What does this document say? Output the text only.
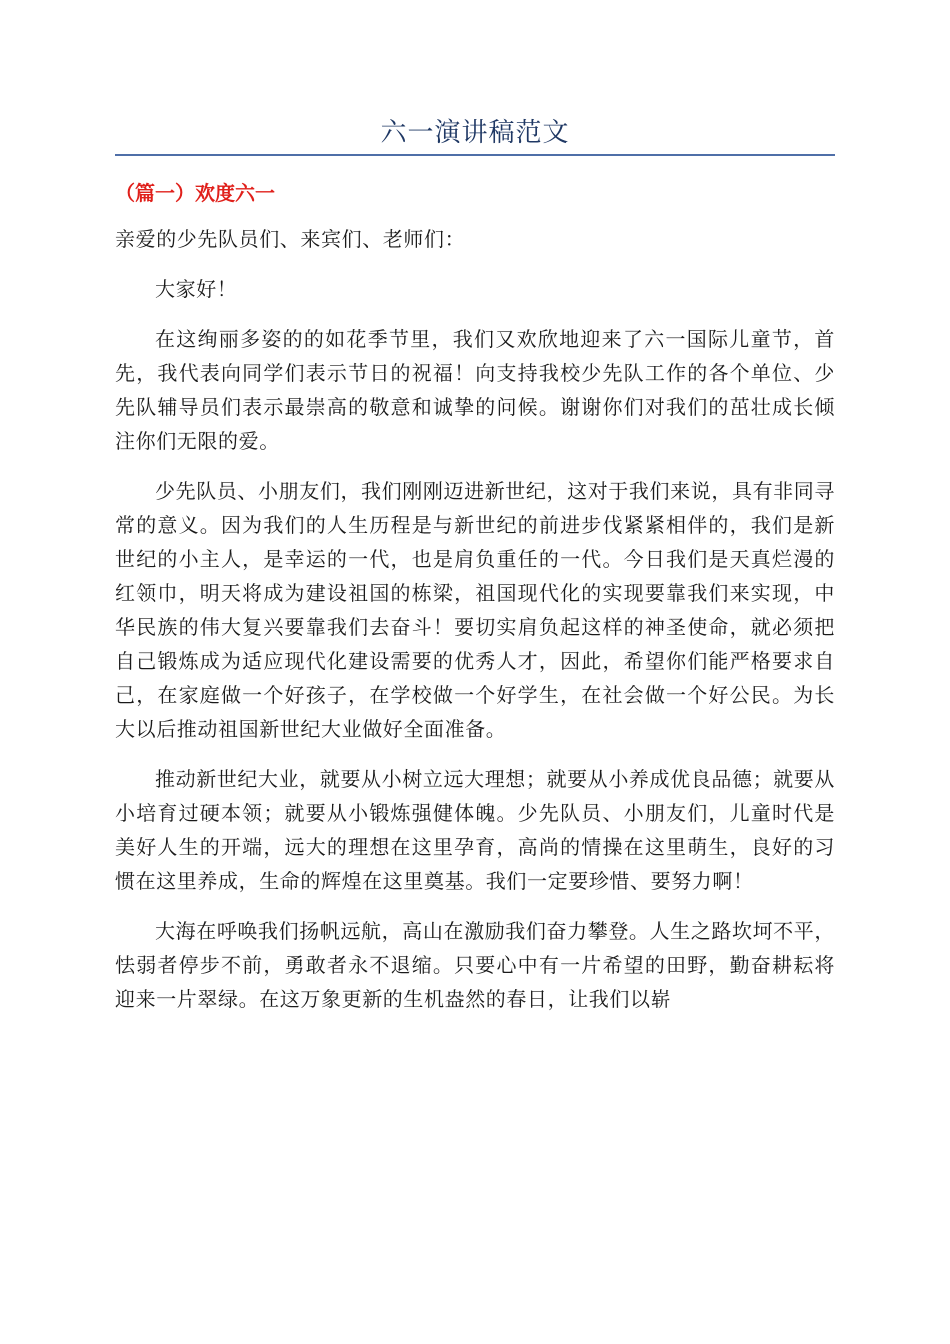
六一演讲稿范文
（篇一）欢度六一

亲爱的少先队员们、来宾们、老师们：

大家好！

在这绚丽多姿的的如花季节里，我们又欢欣地迎来了六一国际儿童节，首先，我代表向同学们表示节日的祝福！向支持我校少先队工作的各个单位、少先队辅导员们表示最崇高的敬意和诚挚的问候。谢谢你们对我们的茁壮成长倾注你们无限的爱。

少先队员、小朋友们，我们刚刚迈进新世纪，这对于我们来说，具有非同寻常的意义。因为我们的人生历程是与新世纪的前进步伐紧紧相伴的，我们是新世纪的小主人，是幸运的一代，也是肩负重任的一代。今日我们是天真烂漫的红领巾，明天将成为建设祖国的栋梁，祖国现代化的实现要靠我们来实现，中华民族的伟大复兴要靠我们去奋斗！要切实肩负起这样的神圣使命，就必须把自己锻炼成为适应现代化建设需要的优秀人才，因此，希望你们能严格要求自己，在家庭做一个好孩子，在学校做一个好学生，在社会做一个好公民。为长大以后推动祖国新世纪大业做好全面准备。

推动新世纪大业，就要从小树立远大理想；就要从小养成优良品德；就要从小培育过硬本领；就要从小锻炼强健体魄。少先队员、小朋友们，儿童时代是美好人生的开端，远大的理想在这里孕育，高尚的情操在这里萌生，良好的习惯在这里养成，生命的辉煌在这里奠基。我们一定要珍惜、要努力啊！

大海在呼唤我们扬帆远航，高山在激励我们奋力攀登。人生之路坎坷不平，怯弱者停步不前，勇敢者永不退缩。只要心中有一片希望的田野，勤奋耕耘将迎来一片翠绿。在这万象更新的生机盎然的春日，让我们以崭
